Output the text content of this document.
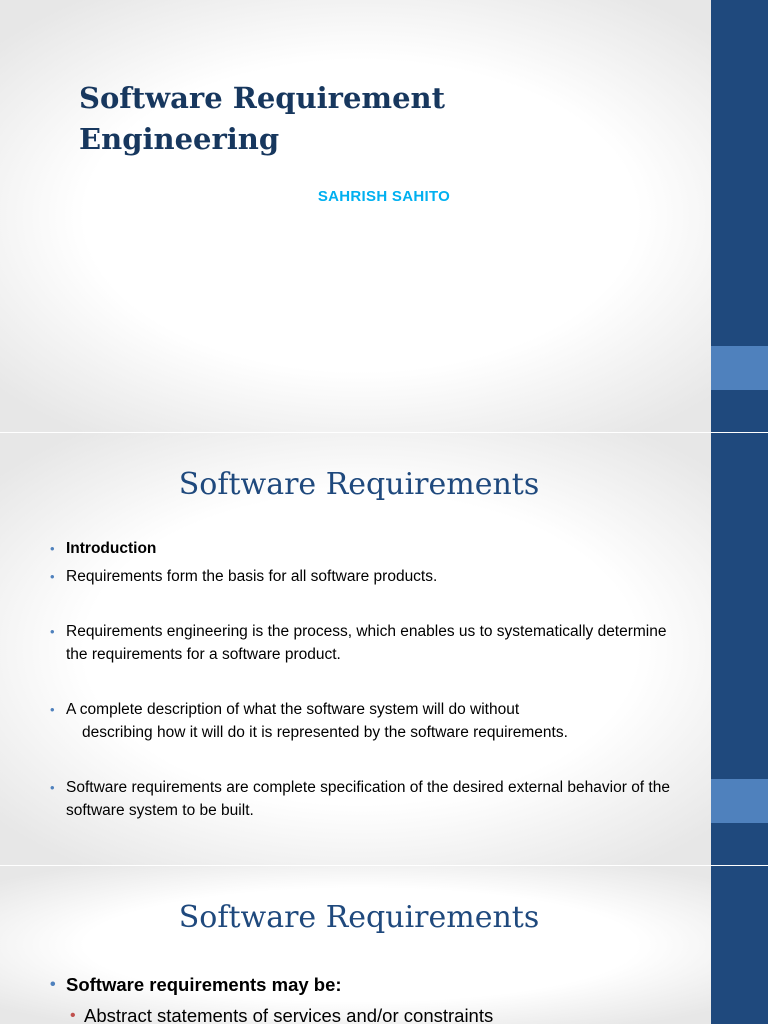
Software Requirement Engineering

SAHRISH SAHITO

Software Requirements
• Introduction
• Requirements form the basis for all software products.
• Requirements engineering is the process, which enables us to systematically determine the requirements for a software product.
• A complete description of what the software system will do without
describing how it will do it is represented by the software requirements.
• Software requirements are complete specification of the desired external behavior of the software system to be built.
Software Requirements
• Software requirements may be:
• Abstract statements of services and/or constraints
